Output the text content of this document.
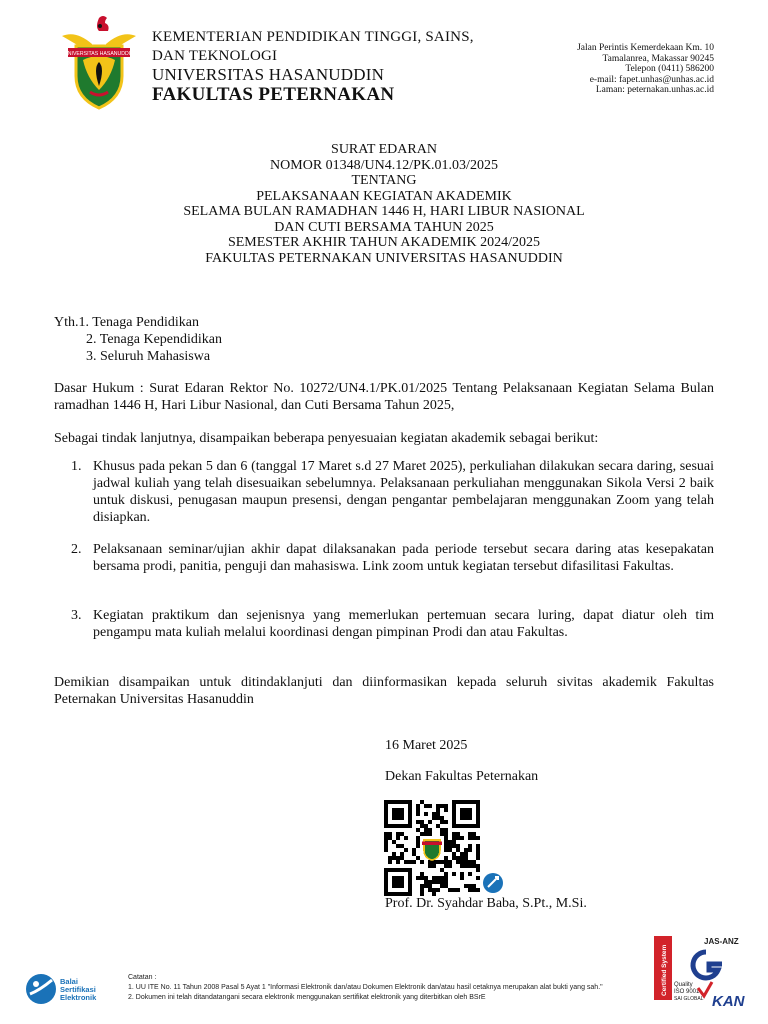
UNIVERSITAS HASANUDDIN
KEMENTERIAN PENDIDIKAN TINGGI, SAINS,
DAN TEKNOLOGI
UNIVERSITAS HASANUDDIN
FAKULTAS PETERNAKAN
Jalan Perintis Kemerdekaan Km. 10
Tamalanrea, Makassar 90245
Telepon (0411) 586200
e-mail: fapet.unhas@unhas.ac.id
Laman: peternakan.unhas.ac.id
SURAT EDARAN
NOMOR 01348/UN4.12/PK.01.03/2025
TENTANG
PELAKSANAAN KEGIATAN AKADEMIK
SELAMA BULAN RAMADHAN 1446 H, HARI LIBUR NASIONAL
DAN CUTI BERSAMA TAHUN 2025
SEMESTER AKHIR TAHUN AKADEMIK 2024/2025
FAKULTAS PETERNAKAN UNIVERSITAS HASANUDDIN
Yth.1. Tenaga Pendidikan
2. Tenaga Kependidikan
3. Seluruh Mahasiswa
Dasar Hukum : Surat Edaran Rektor No. 10272/UN4.1/PK.01/2025 Tentang Pelaksanaan Kegiatan Selama Bulan ramadhan 1446 H, Hari Libur Nasional, dan Cuti Bersama Tahun 2025,
Sebagai tindak lanjutnya, disampaikan beberapa penyesuaian kegiatan akademik sebagai berikut:
1. Khusus pada pekan 5 dan 6 (tanggal 17 Maret s.d 27 Maret 2025), perkuliahan dilakukan secara daring, sesuai jadwal kuliah yang telah disesuaikan sebelumnya. Pelaksanaan perkuliahan menggunakan Sikola Versi 2 baik untuk diskusi, penugasan maupun presensi, dengan pengantar pembelajaran menggunakan Zoom yang telah disiapkan.
2. Pelaksanaan seminar/ujian akhir dapat dilaksanakan pada periode tersebut secara daring atas kesepakatan bersama prodi, panitia, penguji dan mahasiswa. Link zoom untuk kegiatan tersebut difasilitasi Fakultas.
3. Kegiatan praktikum dan sejenisnya yang memerlukan pertemuan secara luring, dapat diatur oleh tim pengampu mata kuliah melalui koordinasi dengan pimpinan Prodi dan atau Fakultas.
Demikian disampaikan untuk ditindaklanjuti dan diinformasikan kepada seluruh sivitas akademik Fakultas Peternakan Universitas Hasanuddin
16 Maret 2025
Dekan Fakultas Peternakan
Prof. Dr. Syahdar Baba, S.Pt., M.Si.
Balai
Sertifikasi
Elektronik
Catatan :
1. UU ITE No. 11 Tahun 2008 Pasal 5 Ayat 1 "Informasi Elektronik dan/atau Dokumen Elektronik dan/atau hasil cetaknya merupakan alat bukti yang sah."
2. Dokumen ini telah ditandatangani secara elektronik menggunakan sertifikat elektronik yang diterbitkan oleh BSrE
Certified System
JAS-ANZ
Quality
ISO 9001
SAI GLOBAL KAN
